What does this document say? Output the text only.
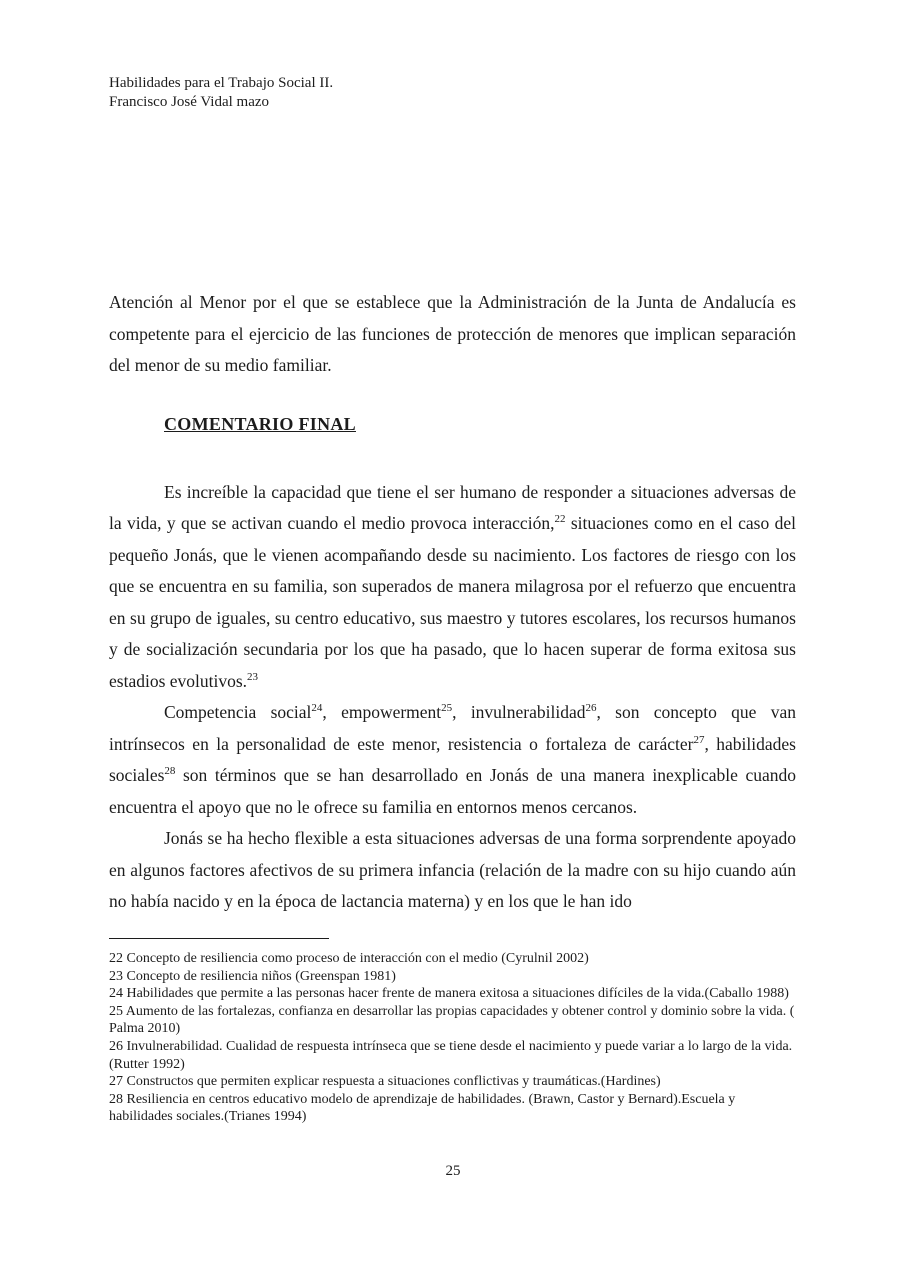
Habilidades para el Trabajo Social II.
Francisco José Vidal mazo

Atención al Menor por el que se establece que la Administración de la Junta de Andalucía es competente para el ejercicio de las funciones de protección de menores que implican separación del menor de su medio familiar.

COMENTARIO FINAL

Es increíble la capacidad que tiene el ser humano de responder a situaciones adversas de la vida, y que se activan cuando el medio provoca interacción,$^{22}$ situaciones como en el caso del pequeño Jonás, que le vienen acompañando desde su nacimiento. Los factores de riesgo con los que se encuentra en su familia, son superados de manera milagrosa por el refuerzo que encuentra en su grupo de iguales, su centro educativo, sus maestro y tutores escolares, los recursos humanos y de socialización secundaria por los que ha pasado, que lo hacen superar de forma exitosa sus estadios evolutivos.$^{23}$

Competencia social$^{24}$, empowerment$^{25}$, invulnerabilidad$^{26}$, son concepto que van intrínsecos en la personalidad de este menor, resistencia o fortaleza de carácter$^{27}$, habilidades sociales$^{28}$ son términos que se han desarrollado en Jonás de una manera inexplicable cuando encuentra el apoyo que no le ofrece su familia en entornos menos cercanos.

Jonás se ha hecho flexible a esta situaciones adversas de una forma sorprendente apoyado en algunos factores afectivos de su primera infancia (relación de la madre con su hijo cuando aún no había nacido y en la época de lactancia materna) y en los que le han ido

22 Concepto de resiliencia como proceso de interacción con el medio (Cyrulnil 2002)
23 Concepto de resiliencia niños (Greenspan 1981)
24 Habilidades que permite a las personas hacer frente de manera exitosa a situaciones difíciles de la vida.(Caballo 1988)
25 Aumento de las fortalezas, confianza en desarrollar las propias capacidades y obtener control y dominio sobre la vida. ( Palma 2010)
26 Invulnerabilidad. Cualidad de respuesta intrínseca que se tiene desde el nacimiento y puede variar a lo largo de la vida.(Rutter 1992)
27 Constructos que permiten explicar respuesta a situaciones conflictivas y traumáticas.(Hardines)
28 Resiliencia en centros educativo modelo de aprendizaje de habilidades. (Brawn, Castor y Bernard).Escuela y habilidades sociales.(Trianes 1994)
25
